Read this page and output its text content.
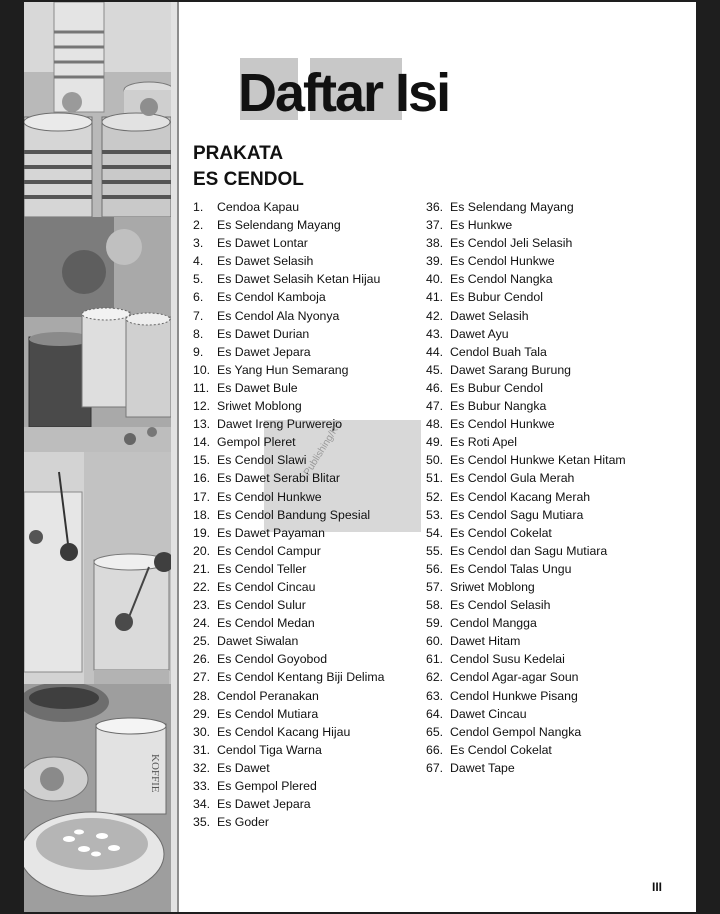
KOFFIE
Daftar Isi
PRAKATA
ES CENDOL
Publishing/KG
1.	Cendoa Kapau
2.	Es Selendang Mayang
3.	Es Dawet Lontar
4.	Es Dawet Selasih
5.	Es Dawet Selasih Ketan Hijau
6.	Es Cendol Kamboja
7.	Es Cendol Ala Nyonya
8.	Es Dawet Durian
9.	Es Dawet Jepara
10. Es Yang Hun Semarang
11. Es Dawet Bule
12. Sriwet Moblong
13. Dawet Ireng Purwerejo
14. Gempol Pleret
15. Es Cendol Slawi
16. Es Dawet Serabi Blitar
17. Es Cendol Hunkwe
18. Es Cendol Bandung Spesial
19. Es Dawet Payaman
20. Es Cendol Campur
21. Es Cendol Teller
22. Es Cendol Cincau
23. Es Cendol Sulur
24. Es Cendol Medan
25. Dawet Siwalan
26. Es Cendol Goyobod
27. Es Cendol Kentang Biji Delima
28. Cendol Peranakan
29. Es Cendol Mutiara
30. Es Cendol Kacang Hijau
31. Cendol Tiga Warna
32. Es Dawet
33. Es Gempol Plered
34. Es Dawet Jepara
35. Es Goder
36. Es Selendang Mayang
37. Es Hunkwe
38. Es Cendol Jeli Selasih
39. Es Cendol Hunkwe
40. Es Cendol Nangka
41. Es Bubur Cendol
42. Dawet Selasih
43. Dawet Ayu
44. Cendol Buah Tala
45. Dawet Sarang Burung
46. Es Bubur Cendol
47. Es Bubur Nangka
48. Es Cendol Hunkwe
49. Es Roti Apel
50. Es Cendol Hunkwe Ketan Hitam
51. Es Cendol Gula Merah
52. Es Cendol Kacang Merah
53. Es Cendol Sagu Mutiara
54. Es Cendol Cokelat
55. Es Cendol dan Sagu Mutiara
56. Es Cendol Talas Ungu
57. Sriwet Moblong
58. Es Cendol Selasih
59. Cendol Mangga
60. Dawet Hitam
61. Cendol Susu Kedelai
62. Cendol Agar-agar Soun
63. Cendol Hunkwe Pisang
64. Dawet Cincau
65. Cendol Gempol Nangka
66. Es Cendol Cokelat
67. Dawet Tape
III
